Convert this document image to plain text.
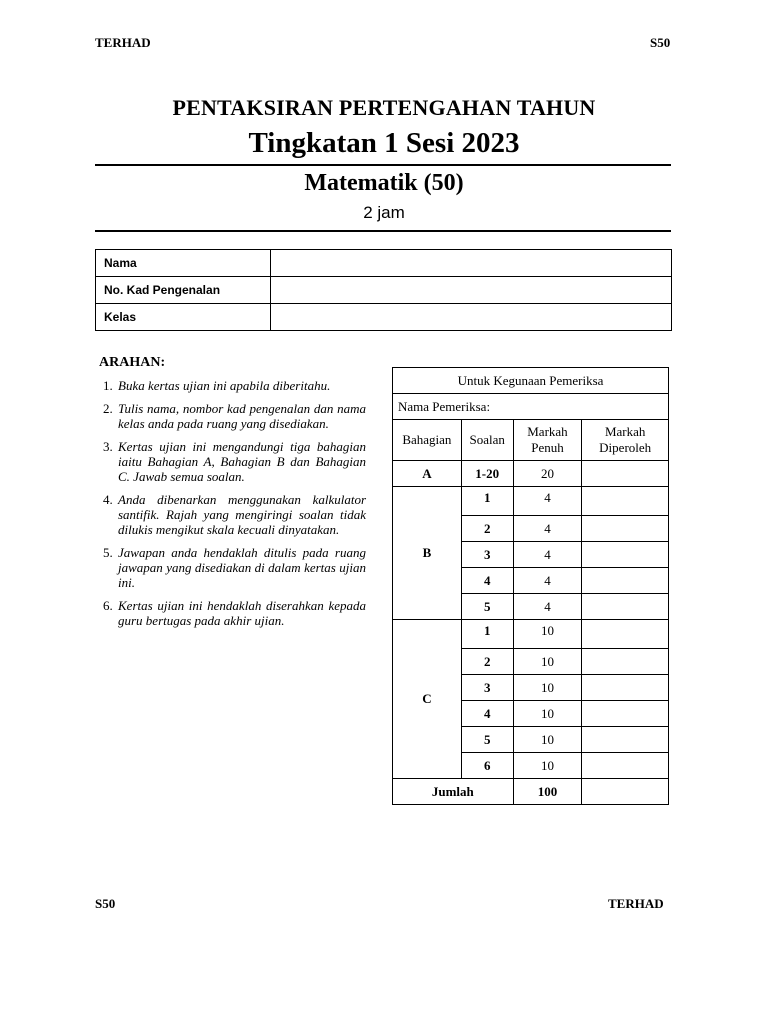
TERHAD	S50
PENTAKSIRAN PERTENGAHAN TAHUN
Tingkatan 1 Sesi 2023
Matematik (50)
2 jam
Nama	
No. Kad Pengenalan	
Kelas	
ARAHAN:
1. Buka kertas ujian ini apabila diberitahu.
2. Tulis nama, nombor kad pengenalan dan nama kelas anda pada ruang yang disediakan.
3. Kertas ujian ini mengandungi tiga bahagian iaitu Bahagian A, Bahagian B dan Bahagian C. Jawab semua soalan.
4. Anda dibenarkan menggunakan kalkulator santifik. Rajah yang mengiringi soalan tidak dilukis mengikut skala kecuali dinyatakan.
5. Jawapan anda hendaklah ditulis pada ruang jawapan yang disediakan di dalam kertas ujian ini.
6. Kertas ujian ini hendaklah diserahkan kepada guru bertugas pada akhir ujian.
Untuk Kegunaan Pemeriksa			
Nama Pemeriksa:			
Bahagian	Soalan	Markah Penuh	Markah Diperoleh
A	1-20	20	
B	1	4	
	2	4	
	3	4	
	4	4	
	5	4	
C	1	10	
	2	10	
	3	10	
	4	10	
	5	10	
	6	10	
Jumlah		100	
S50	TERHAD
